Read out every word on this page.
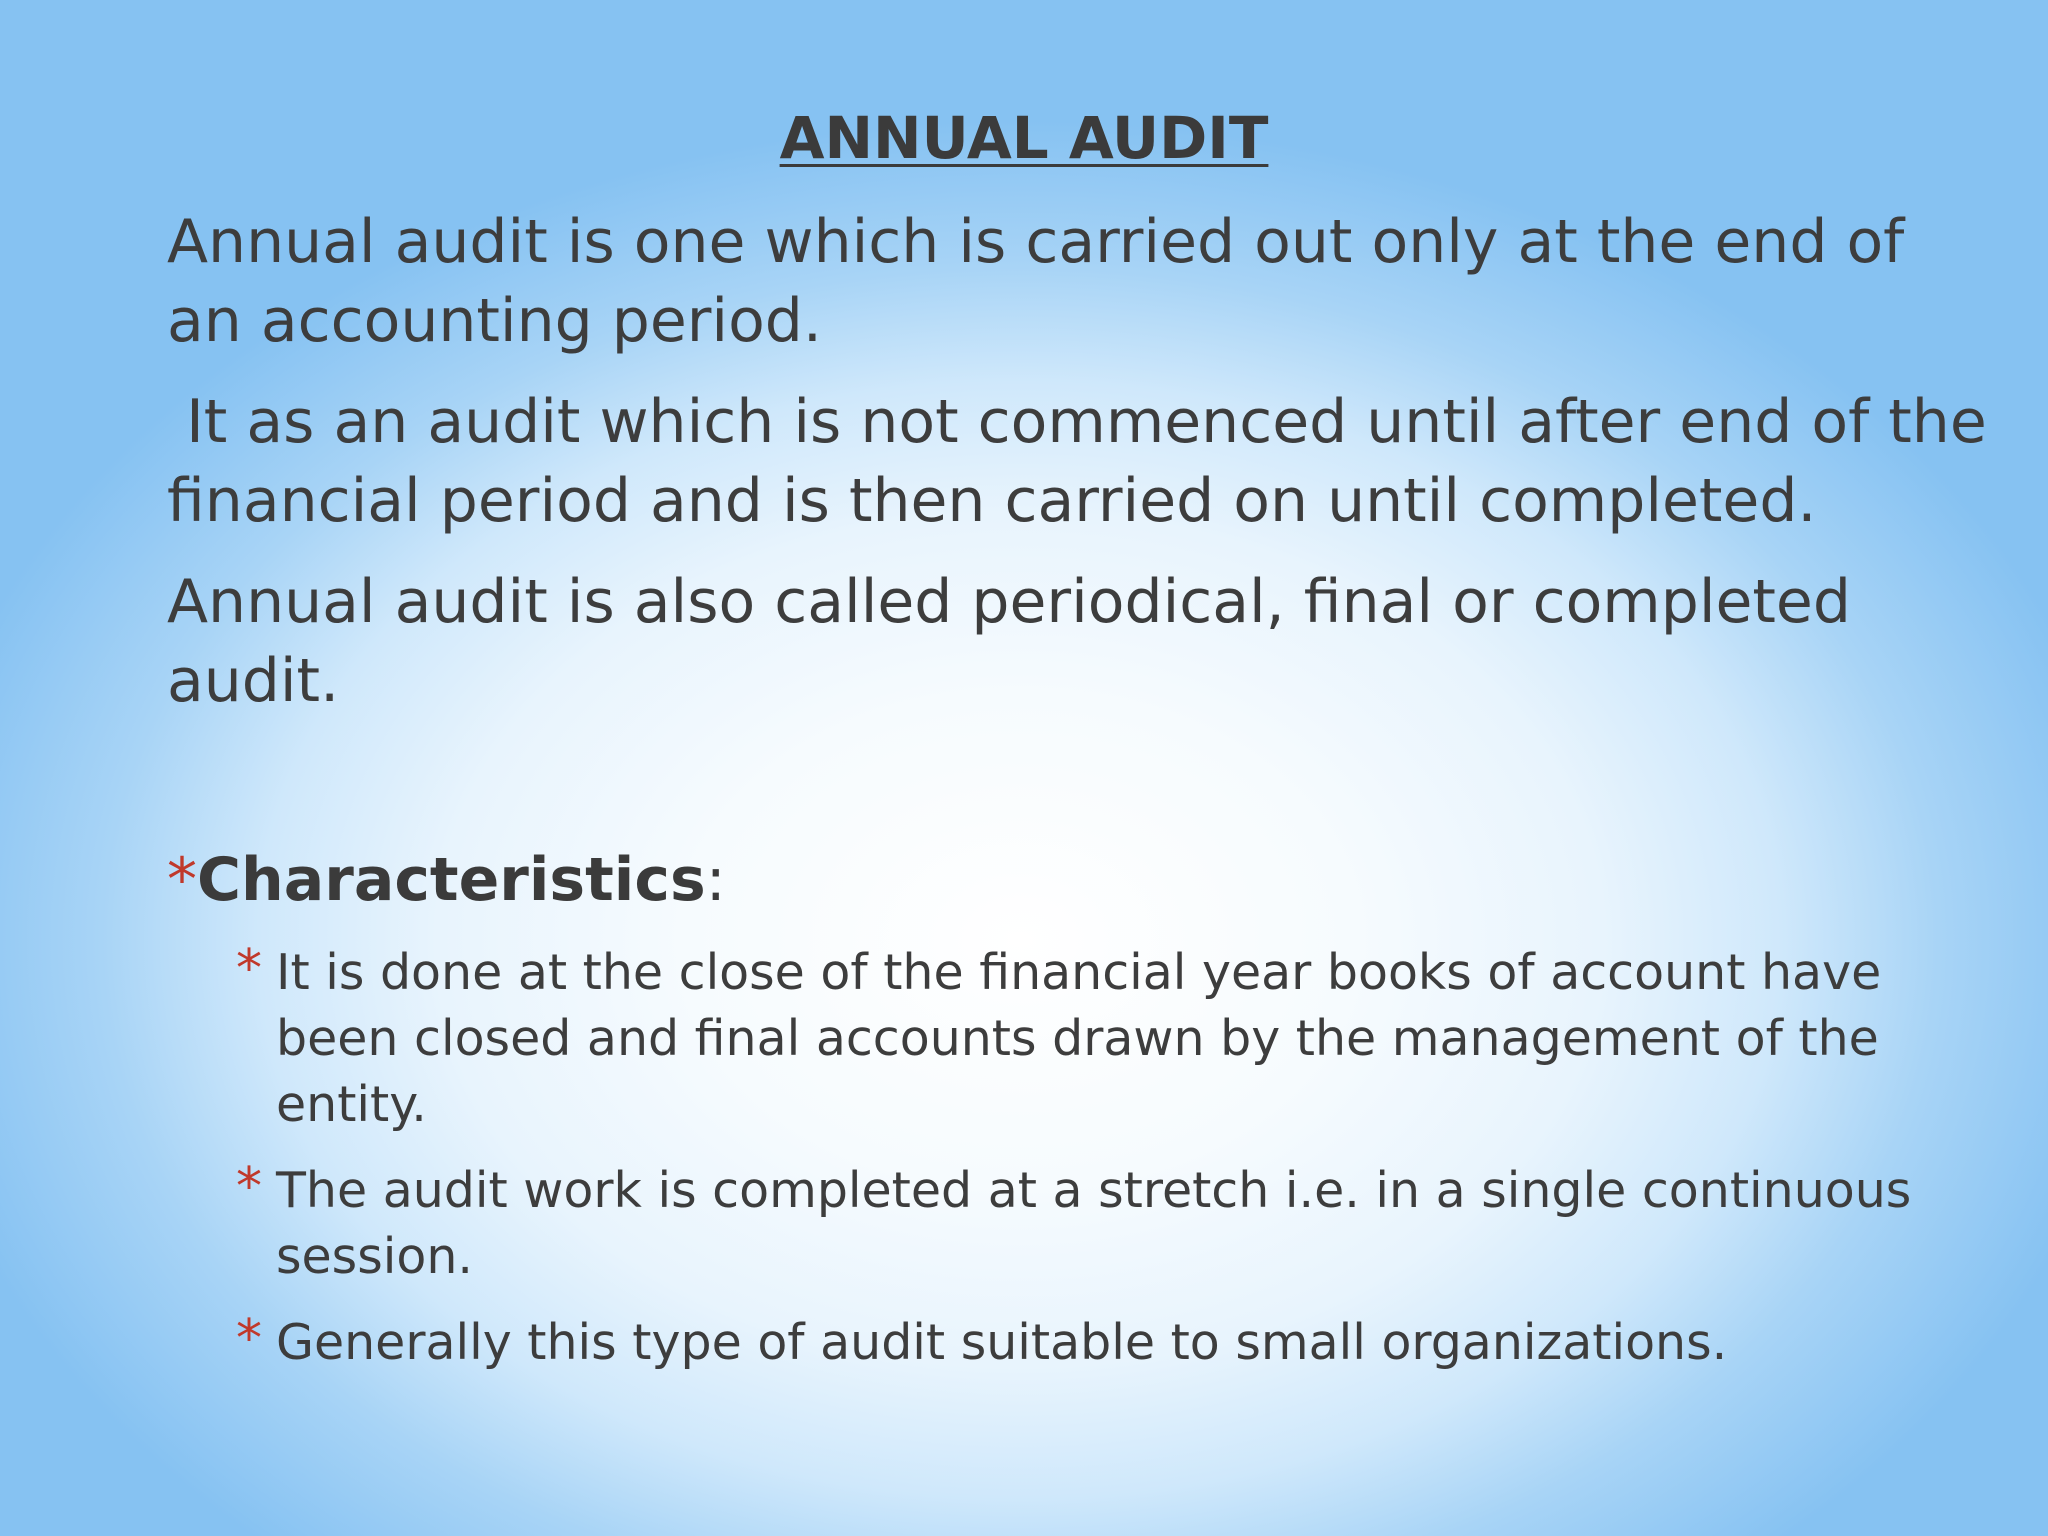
ANNUAL AUDIT

Annual audit is one which is carried out only at the end of an accounting period.

It as an audit which is not commenced until after end of the financial period and is then carried on until completed.

Annual audit is also called periodical, final or completed audit.

*Characteristics:
* It is done at the close of the financial year books of account have been closed and final accounts drawn by the management of the entity.
* The audit work is completed at a stretch i.e. in a single continuous session.
* Generally this type of audit suitable to small organizations.
